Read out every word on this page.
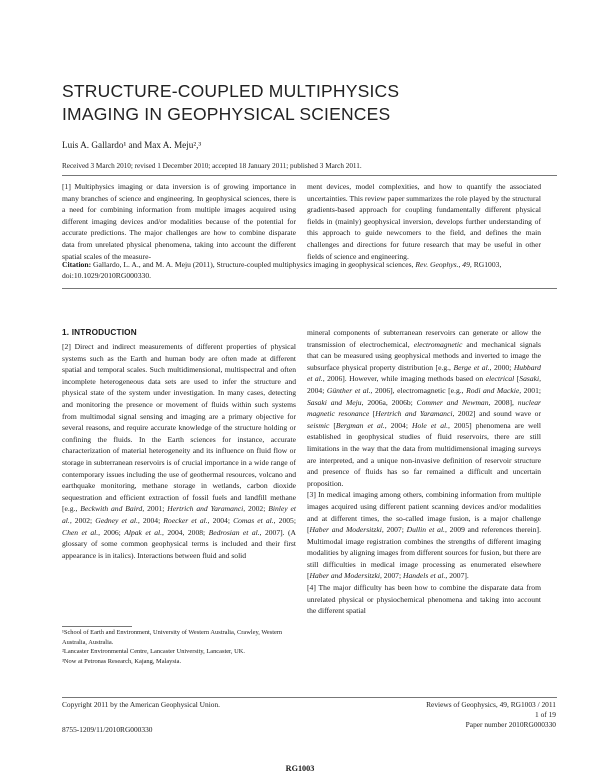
STRUCTURE-COUPLED MULTIPHYSICS
IMAGING IN GEOPHYSICAL SCIENCES
Luis A. Gallardo¹ and Max A. Meju²,³
Received 3 March 2010; revised 1 December 2010; accepted 18 January 2011; published 3 March 2011.

[1] Multiphysics imaging or data inversion is of growing importance in many branches of science and engineering. In geophysical sciences, there is a need for combining information from multiple images acquired using different imaging devices and/or modalities because of the potential for accurate predictions. The major challenges are how to combine disparate data from unrelated physical phenomena, taking into account the different spatial scales of the measure-

ment devices, model complexities, and how to quantify the associated uncertainties. This review paper summarizes the role played by the structural gradients-based approach for coupling fundamentally different physical fields in (mainly) geophysical inversion, develops further understanding of this approach to guide newcomers to the field, and defines the main challenges and directions for future research that may be useful in other fields of science and engineering.

Citation: Gallardo, L. A., and M. A. Meju (2011), Structure-coupled multiphysics imaging in geophysical sciences, Rev. Geophys., 49, RG1003, doi:10.1029/2010RG000330.
1. INTRODUCTION

[2] Direct and indirect measurements of different properties of physical systems such as the Earth and human body are often made at different spatial and temporal scales. Such multidimensional, multispectral and often incomplete heterogeneous data sets are used to infer the structure and physical state of the system under investigation. In many cases, detecting and monitoring the presence or movement of fluids within such systems from multimodal signal sensing and imaging are a primary objective for several reasons, and require accurate knowledge of the structure holding or confining the fluids. In the Earth sciences for instance, accurate characterization of material heterogeneity and its influence on fluid flow or storage in subterranean reservoirs is of crucial importance in a wide range of contemporary issues including the use of geothermal resources, volcano and earthquake monitoring, methane storage in wetlands, carbon dioxide sequestration and efficient extraction of fossil fuels and landfill methane [e.g., Beckwith and Baird, 2001; Hertrich and Yaramanci, 2002; Binley et al., 2002; Gedney et al., 2004; Roecker et al., 2004; Comas et al., 2005; Chen et al., 2006; Alpak et al., 2004, 2008; Bedrosian et al., 2007]. (A glossary of some common geophysical terms is included and their first appearance is in italics). Interactions between fluid and solid

¹School of Earth and Environment, University of Western Australia, Crawley, Western Australia, Australia.
²Lancaster Environmental Centre, Lancaster University, Lancaster, UK.
³Now at Petronas Research, Kajang, Malaysia.

mineral components of subterranean reservoirs can generate or allow the transmission of electrochemical, electromagnetic and mechanical signals that can be measured using geophysical methods and inverted to image the subsurface physical property distribution [e.g., Berge et al., 2000; Hubbard et al., 2006]. However, while imaging methods based on electrical [Sasaki, 2004; Günther et al., 2006], electromagnetic [e.g., Rodi and Mackie, 2001; Sasaki and Meju, 2006a, 2006b; Commer and Newman, 2008], nuclear magnetic resonance [Hertrich and Yaramanci, 2002] and sound wave or seismic [Bergman et al., 2004; Hole et al., 2005] phenomena are well established in geophysical studies of fluid reservoirs, there are still limitations in the way that the data from multidimensional imaging surveys are interpreted, and a unique non-invasive definition of reservoir structure and presence of fluids has so far remained a difficult and uncertain proposition.

[3] In medical imaging among others, combining information from multiple images acquired using different patient scanning devices and/or modalities and at different times, the so-called image fusion, is a major challenge [Haber and Modersitzki, 2007; Dullin et al., 2009 and references therein]. Multimodal image registration combines the strengths of different imaging modalities by aligning images from different sources for fusion, but there are still difficulties in medical image processing as enumerated elsewhere [Haber and Modersitzki, 2007; Handels et al., 2007].

[4] The major difficulty has been how to combine the disparate data from unrelated physical or physiochemical phenomena and taking into account the different spatial

Copyright 2011 by the American Geophysical Union.
8755-1209/11/2010RG000330
Reviews of Geophysics, 49, RG1003 / 2011
1 of 19
Paper number 2010RG000330
RG1003
